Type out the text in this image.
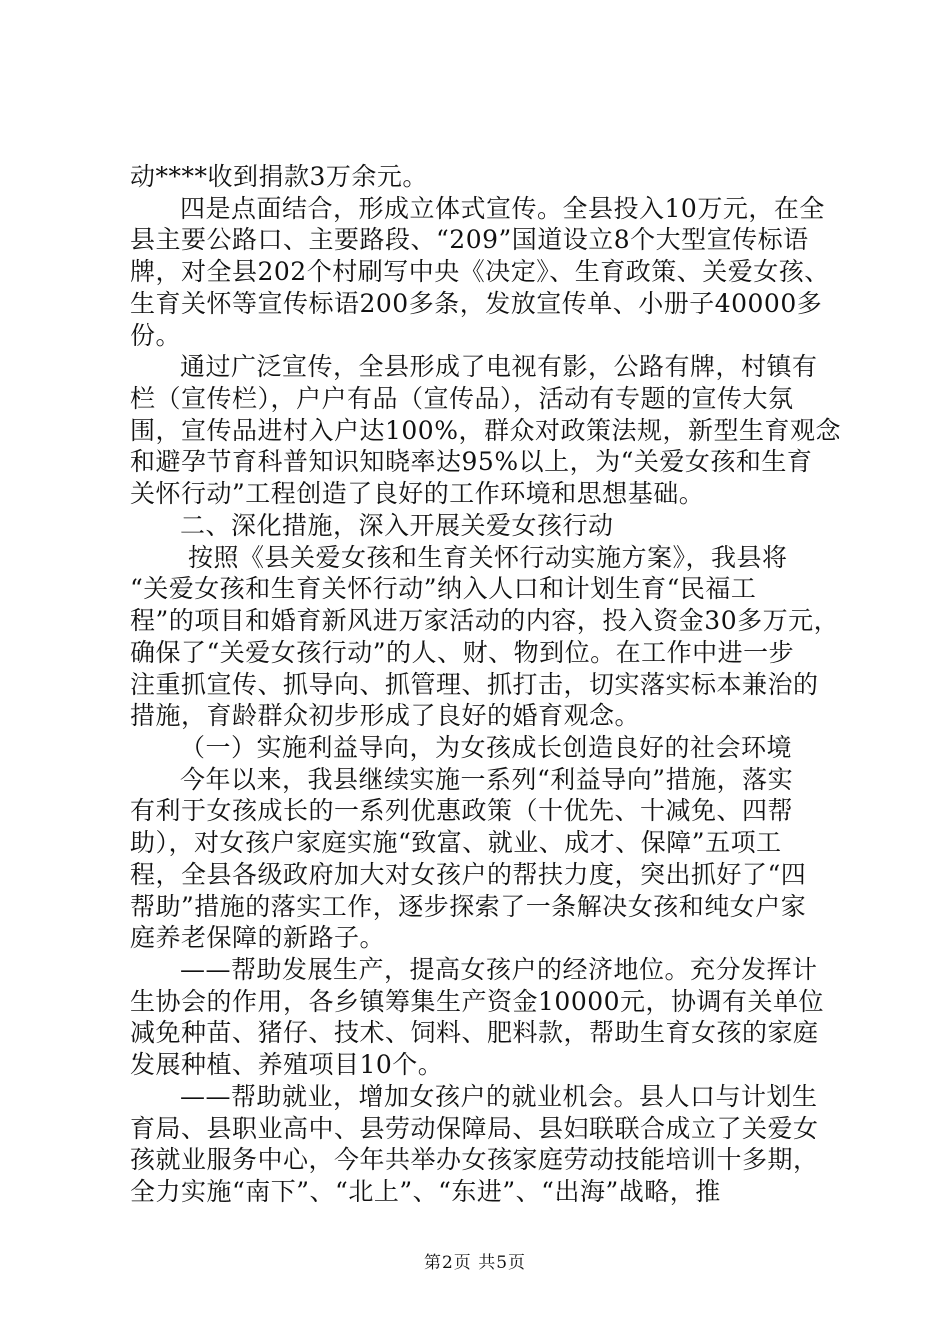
动****收到捐款3万余元。
四是点面结合，形成立体式宣传。全县投入10万元，在全
县主要公路口、主要路段、“209”国道设立8个大型宣传标语
牌，对全县202个村刷写中央《决定》、生育政策、关爱女孩、
生育关怀等宣传标语200多条，发放宣传单、小册子40000多
份。
通过广泛宣传，全县形成了电视有影，公路有牌，村镇有
栏（宣传栏），户户有品（宣传品），活动有专题的宣传大氛
围，宣传品进村入户达100%，群众对政策法规，新型生育观念
和避孕节育科普知识知晓率达95%以上，为“关爱女孩和生育
关怀行动”工程创造了良好的工作环境和思想基础。
二、深化措施，深入开展关爱女孩行动
按照《县关爱女孩和生育关怀行动实施方案》，我县将
“关爱女孩和生育关怀行动”纳入人口和计划生育“民福工
程”的项目和婚育新风进万家活动的内容，投入资金30多万元，
确保了“关爱女孩行动”的人、财、物到位。在工作中进一步
注重抓宣传、抓导向、抓管理、抓打击，切实落实标本兼治的
措施，育龄群众初步形成了良好的婚育观念。
（一）实施利益导向，为女孩成长创造良好的社会环境
今年以来，我县继续实施一系列“利益导向”措施，落实
有利于女孩成长的一系列优惠政策（十优先、十减免、四帮
助），对女孩户家庭实施“致富、就业、成才、保障”五项工
程，全县各级政府加大对女孩户的帮扶力度，突出抓好了“四
帮助”措施的落实工作，逐步探索了一条解决女孩和纯女户家
庭养老保障的新路子。
——帮助发展生产，提高女孩户的经济地位。充分发挥计
生协会的作用，各乡镇筹集生产资金10000元，协调有关单位
减免种苗、猪仔、技术、饲料、肥料款，帮助生育女孩的家庭
发展种植、养殖项目10个。
——帮助就业，增加女孩户的就业机会。县人口与计划生
育局、县职业高中、县劳动保障局、县妇联联合成立了关爱女
孩就业服务中心，今年共举办女孩家庭劳动技能培训十多期，
全力实施“南下”、“北上”、“东进”、“出海”战略，推
第2页 共5页
